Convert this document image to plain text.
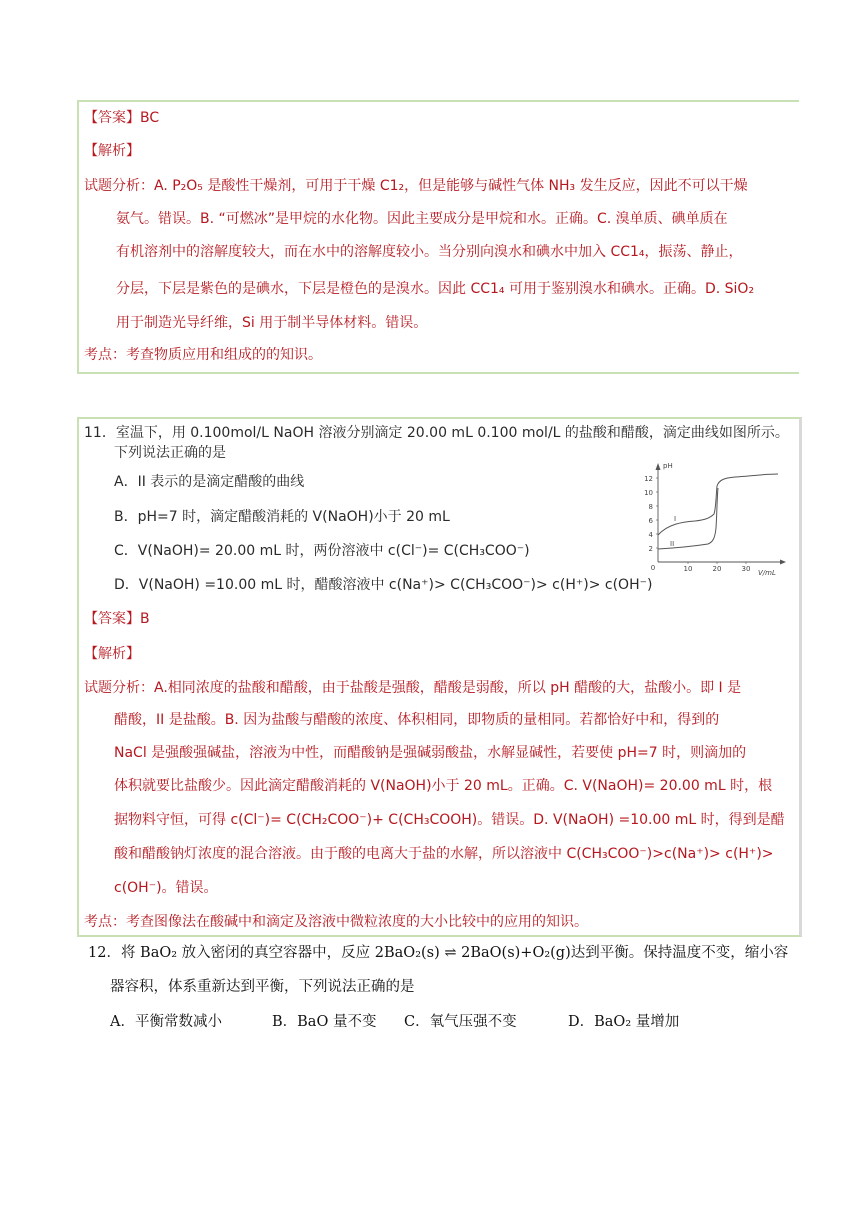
【答案】BC
【解析】
试题分析：A. P₂O₅ 是酸性干燥剂，可用于干燥 C1₂，但是能够与碱性气体 NH₃ 发生反应，因此不可以干燥
氨气。错误。B. “可燃冰”是甲烷的水化物。因此主要成分是甲烷和水。正确。C. 溴单质、碘单质在
有机溶剂中的溶解度较大，而在水中的溶解度较小。当分别向溴水和碘水中加入 CC1₄，振荡、静止，
分层，下层是紫色的是碘水，下层是橙色的是溴水。因此 CC1₄ 可用于鉴别溴水和碘水。正确。D. SiO₂
用于制造光导纤维，Si 用于制半导体材料。错误。
考点：考查物质应用和组成的的知识。
11．室温下，用 0.100mol/L NaOH 溶液分别滴定 20.00 mL 0.100 mol/L 的盐酸和醋酸，滴定曲线如图所示。
下列说法正确的是
A．II 表示的是滴定醋酸的曲线
B．pH=7 时，滴定醋酸消耗的 V(NaOH)小于 20 mL
C．V(NaOH)= 20.00 mL 时，两份溶液中 c(Cl⁻)= C(CH₃COO⁻)
D．V(NaOH) =10.00 mL 时，醋酸溶液中 c(Na⁺)> C(CH₃COO⁻)> c(H⁺)> c(OH⁻)
pH
V/mL
2
4
6
8
10
12
0	10	20	30
I
II
【答案】B
【解析】
试题分析：A.相同浓度的盐酸和醋酸，由于盐酸是强酸，醋酸是弱酸，所以 pH 醋酸的大，盐酸小。即 I 是
醋酸，II 是盐酸。B. 因为盐酸与醋酸的浓度、体积相同，即物质的量相同。若都恰好中和，得到的
NaCl 是强酸强碱盐，溶液为中性，而醋酸钠是强碱弱酸盐，水解显碱性，若要使 pH=7 时，则滴加的
体积就要比盐酸少。因此滴定醋酸消耗的 V(NaOH)小于 20 mL。正确。C. V(NaOH)= 20.00 mL 时，根
据物料守恒，可得 c(Cl⁻)= C(CH₂COO⁻)+ C(CH₃COOH)。错误。D. V(NaOH) =10.00 mL 时，得到是醋
酸和醋酸钠灯浓度的混合溶液。由于酸的电离大于盐的水解，所以溶液中 C(CH₃COO⁻)>c(Na⁺)> c(H⁺)>
c(OH⁻)。错误。
考点：考查图像法在酸碱中和滴定及溶液中微粒浓度的大小比较中的应用的知识。
12．将 BaO₂ 放入密闭的真空容器中，反应 2BaO₂(s) ⇌ 2BaO(s)+O₂(g)达到平衡。保持温度不变，缩小容
器容积，体系重新达到平衡，下列说法正确的是
A．平衡常数减小	B．BaO 量不变 C．氧气压强不变	D．BaO₂ 量增加
